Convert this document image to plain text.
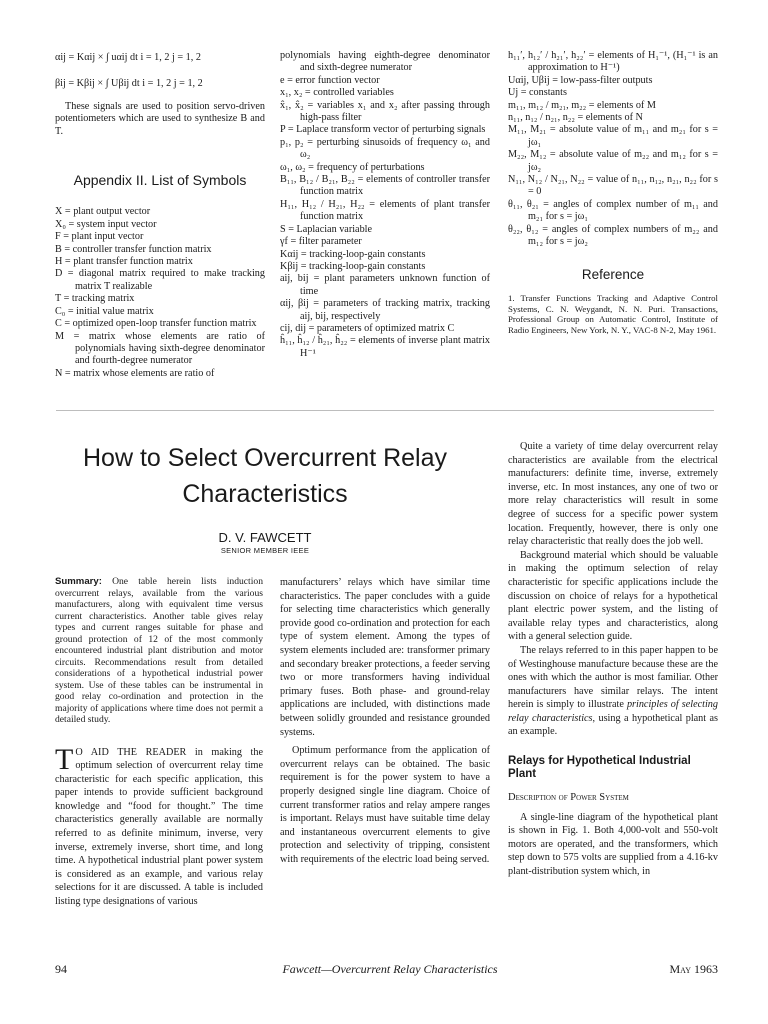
αij = Kαij × ∫ uαij dt i = 1, 2 j = 1, 2
βij = Kβij × ∫ Uβij dt i = 1, 2 j = 1, 2

These signals are used to position servo-driven potentiometers which are used to synthesize B and T.

Appendix II. List of Symbols
X = plant output vector
X₀ = system input vector
F = plant input vector
B = controller transfer function matrix
H = plant transfer function matrix
D = diagonal matrix required to make tracking matrix T realizable
T = tracking matrix
C₀ = initial value matrix
C = optimized open-loop transfer function matrix
M = matrix whose elements are ratio of polynomials having sixth-degree denominator and fourth-degree numerator
N = matrix whose elements are ratio of
polynomials having eighth-degree denominator and sixth-degree numerator
e = error function vector
x₁, x₂ = controlled variables
x̂₁, x̂₂ = variables x₁ and x₂ after passing through high-pass filter
P = Laplace transform vector of perturbing signals
p₁, p₂ = perturbing sinusoids of frequency ω₁ and ω₂
ω₁, ω₂ = frequency of perturbations
B₁₁, B₁₂ / B₂₁, B₂₂ = elements of controller transfer function matrix
H₁₁, H₁₂ / H₂₁, H₂₂ = elements of plant transfer function matrix
S = Laplacian variable
γf = filter parameter
Kαij = tracking-loop-gain constants
Kβij = tracking-loop-gain constants
aij, bij = plant parameters unknown function of time
αij, βij = parameters of tracking matrix, tracking aij, bij, respectively
cij, dij = parameters of optimized matrix C
ĥ₁₁, ĥ₁₂ / ĥ₂₁, ĥ₂₂ = elements of inverse plant matrix H⁻¹
h₁₁′, h₁₂′ / h₂₁′, h₂₂′ = elements of H₁⁻¹, (H₁⁻¹ is an approximation to H⁻¹)
Uαij, Uβij = low-pass-filter outputs
Uj = constants
m₁₁, m₁₂ / m₂₁, m₂₂ = elements of M
n₁₁, n₁₂ / n₂₁, n₂₂ = elements of N
M₁₁, M₂₁ = absolute value of m₁₁ and m₂₁ for s = jω₁
M₂₂, M₁₂ = absolute value of m₂₂ and m₁₂ for s = jω₂
N₁₁, N₁₂ / N₂₁, N₂₂ = value of n₁₁, n₁₂, n₂₁, n₂₂ for s = 0
θ₁₁, θ₂₁ = angles of complex number of m₁₁ and m₂₁ for s = jω₁
θ₂₂, θ₁₂ = angles of complex numbers of m₂₂ and m₁₂ for s = jω₂
Reference

1. Transfer Functions Tracking and Adaptive Control Systems, C. N. Weygandt, N. N. Puri. Transactions, Professional Group on Automatic Control, Institute of Radio Engineers, New York, N. Y., VAC-8 N-2, May 1961.

How to Select Overcurrent Relay
Characteristics
D. V. FAWCETT
SENIOR MEMBER IEEE

Summary: One table herein lists induction overcurrent relays, available from the various manufacturers, along with equivalent time versus current characteristics. Another table gives relay types and current ranges suitable for phase and ground protection of 12 of the most commonly encountered industrial plant distribution and motor circuits. Recommendations result from detailed considerations of a hypothetical industrial power system. Use of these tables can be instrumental in good relay co-ordination and protection in the majority of applications where time does not permit a detailed study.

T O AID THE READER in making the optimum selection of overcurrent relay time characteristic for each specific application, this paper intends to provide sufficient background knowledge and “food for thought.” The time characteristics generally available are normally referred to as definite minimum, inverse, very inverse, extremely inverse, short time, and long time. A hypothetical industrial plant power system is considered as an example, and various relay selections for it are discussed. A table is included listing type designations of various

manufacturers’ relays which have similar time characteristics. The paper concludes with a guide for selecting time characteristics which generally provide good co-ordination and protection for each type of system element. Among the types of system elements included are: transformer primary and secondary breaker protections, a feeder serving two or more transformers having individual primary fuses. Both phase- and ground-relay applications are included, with distinctions made between solidly grounded and resistance grounded systems.

Optimum performance from the application of overcurrent relays can be obtained. The basic requirement is for the power system to have a properly designed single line diagram. Choice of current transformer ratios and relay ampere ranges is important. Relays must have suitable time delay and instantaneous overcurrent elements to give protection and selectivity of tripping, consistent with requirements of the electric load being served.

Quite a variety of time delay overcurrent relay characteristics are available from the electrical manufacturers: definite time, inverse, extremely inverse, etc. In most instances, any one of two or more relay characteristics will result in some degree of success for a specific power system location. Frequently, however, there is only one relay characteristic that really does the job well.

Background material which should be valuable in making the optimum selection of relay characteristic for specific applications include the discussion on choice of relays for a hypothetical plant electric power system, and the listing of available relay types and characteristics, along with a general selection guide.

The relays referred to in this paper happen to be of Westinghouse manufacture because these are the ones with which the author is most familiar. Other manufacturers have similar relays. The intent herein is simply to illustrate principles of selecting relay characteristics, using a hypothetical plant as an example.

Relays for Hypothetical Industrial Plant
Description of Power System

A single-line diagram of the hypothetical plant is shown in Fig. 1. Both 4,000-volt and 550-volt motors are operated, and the transformers, which step down to 575 volts are supplied from a 4.16-kv plant-distribution system which, in

94	Fawcett—Overcurrent Relay Characteristics	May 1963
